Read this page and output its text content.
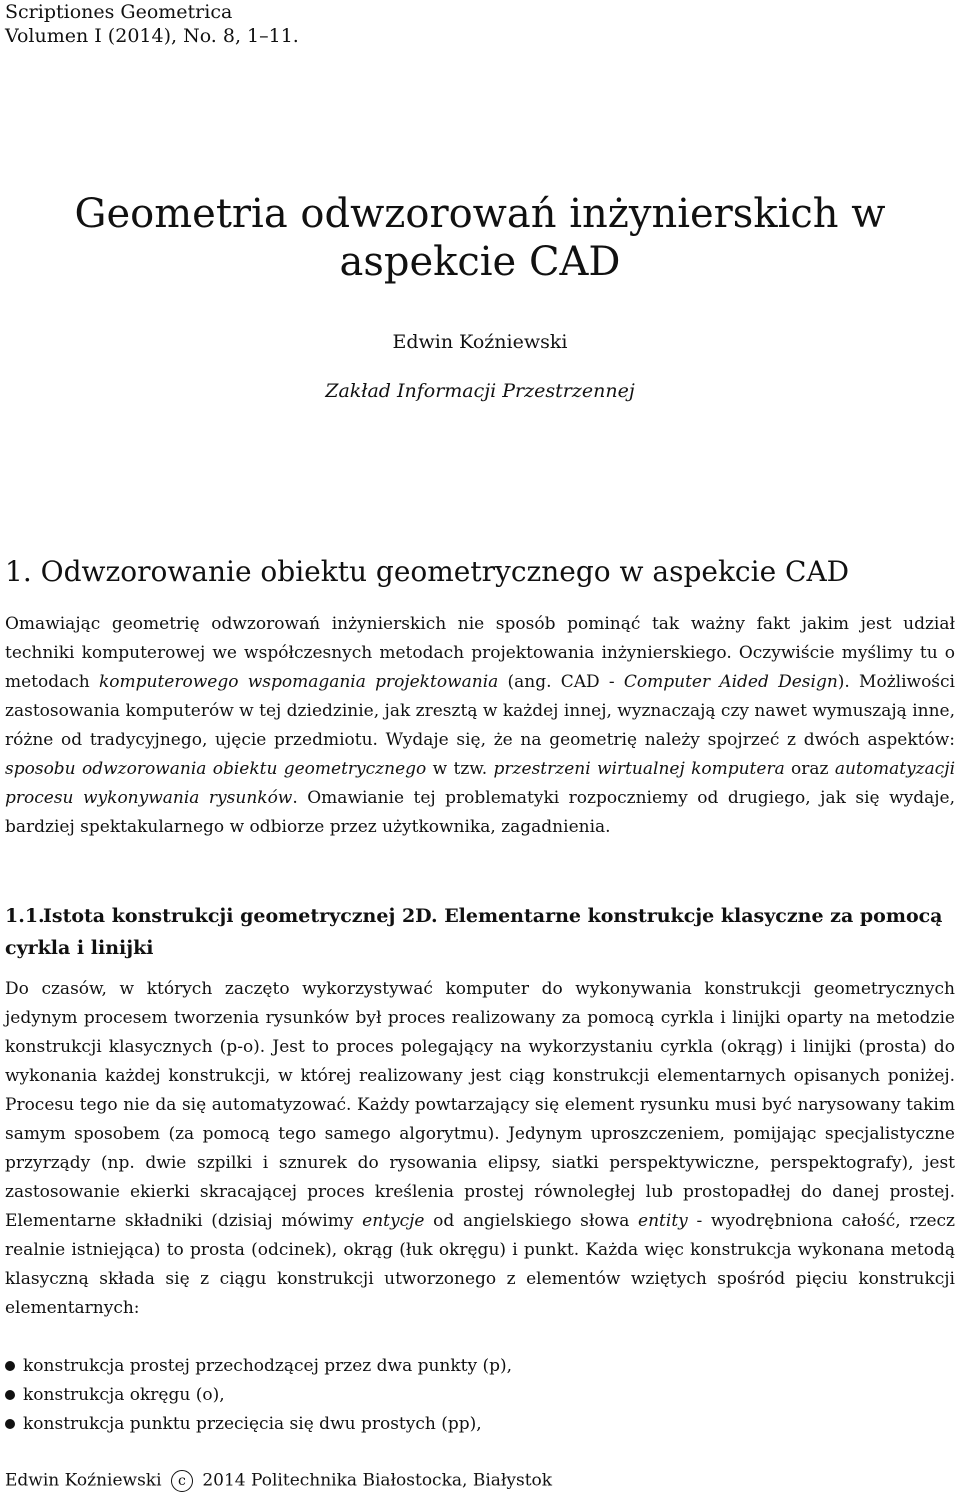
Scriptiones Geometrica
Volumen I (2014), No. 8, 1–11.
Geometria odwzorowań inżynierskich w aspekcie CAD
Edwin Koźniewski
Zakład Informacji Przestrzennej
1. Odwzorowanie obiektu geometrycznego w aspekcie CAD
Omawiając geometrię odwzorowań inżynierskich nie sposób pominąć tak ważny fakt jakim jest udział techniki komputerowej we współczesnych metodach projektowania inżynierskiego. Oczywiście myślimy tu o metodach komputerowego wspomagania projektowania (ang. CAD - Computer Aided Design). Możliwości zastosowania komputerów w tej dziedzinie, jak zresztą w każdej innej, wyznaczają czy nawet wymuszają inne, różne od tradycyjnego, ujęcie przedmiotu. Wydaje się, że na geometrię należy spojrzeć z dwóch aspektów: sposobu odwzorowania obiektu geometrycznego w tzw. przestrzeni wirtualnej komputera oraz automatyzacji procesu wykonywania rysunków. Omawianie tej problematyki rozpoczniemy od drugiego, jak się wydaje, bardziej spektakularnego w odbiorze przez użytkownika, zagadnienia.
1.1.Istota konstrukcji geometrycznej 2D. Elementarne konstrukcje klasyczne za pomocą cyrkla i linijki
Do czasów, w których zaczęto wykorzystywać komputer do wykonywania konstrukcji geometrycznych jedynym procesem tworzenia rysunków był proces realizowany za pomocą cyrkla i linijki oparty na metodzie konstrukcji klasycznych (p-o). Jest to proces polegający na wykorzystaniu cyrkla (okrąg) i linijki (prosta) do wykonania każdej konstrukcji, w której realizowany jest ciąg konstrukcji elementarnych opisanych poniżej. Procesu tego nie da się automatyzować. Każdy powtarzający się element rysunku musi być narysowany takim samym sposobem (za pomocą tego samego algorytmu). Jedynym uproszczeniem, pomijając specjalistyczne przyrządy (np. dwie szpilki i sznurek do rysowania elipsy, siatki perspektywiczne, perspektografy), jest zastosowanie ekierki skracającej proces kreślenia prostej równoległej lub prostopadłej do danej prostej. Elementarne składniki (dzisiaj mówimy entycje od angielskiego słowa entity - wyodrębniona całość, rzecz realnie istniejąca) to prosta (odcinek), okrąg (łuk okręgu) i punkt. Każda więc konstrukcja wykonana metodą klasyczną składa się z ciągu konstrukcji utworzonego z elementów wziętych spośród pięciu konstrukcji elementarnych:
konstrukcja prostej przechodzącej przez dwa punkty (p),
konstrukcja okręgu (o),
konstrukcja punktu przecięcia się dwu prostych (pp),
Edwin Koźniewski c 2014 Politechnika Białostocka, Białystok
